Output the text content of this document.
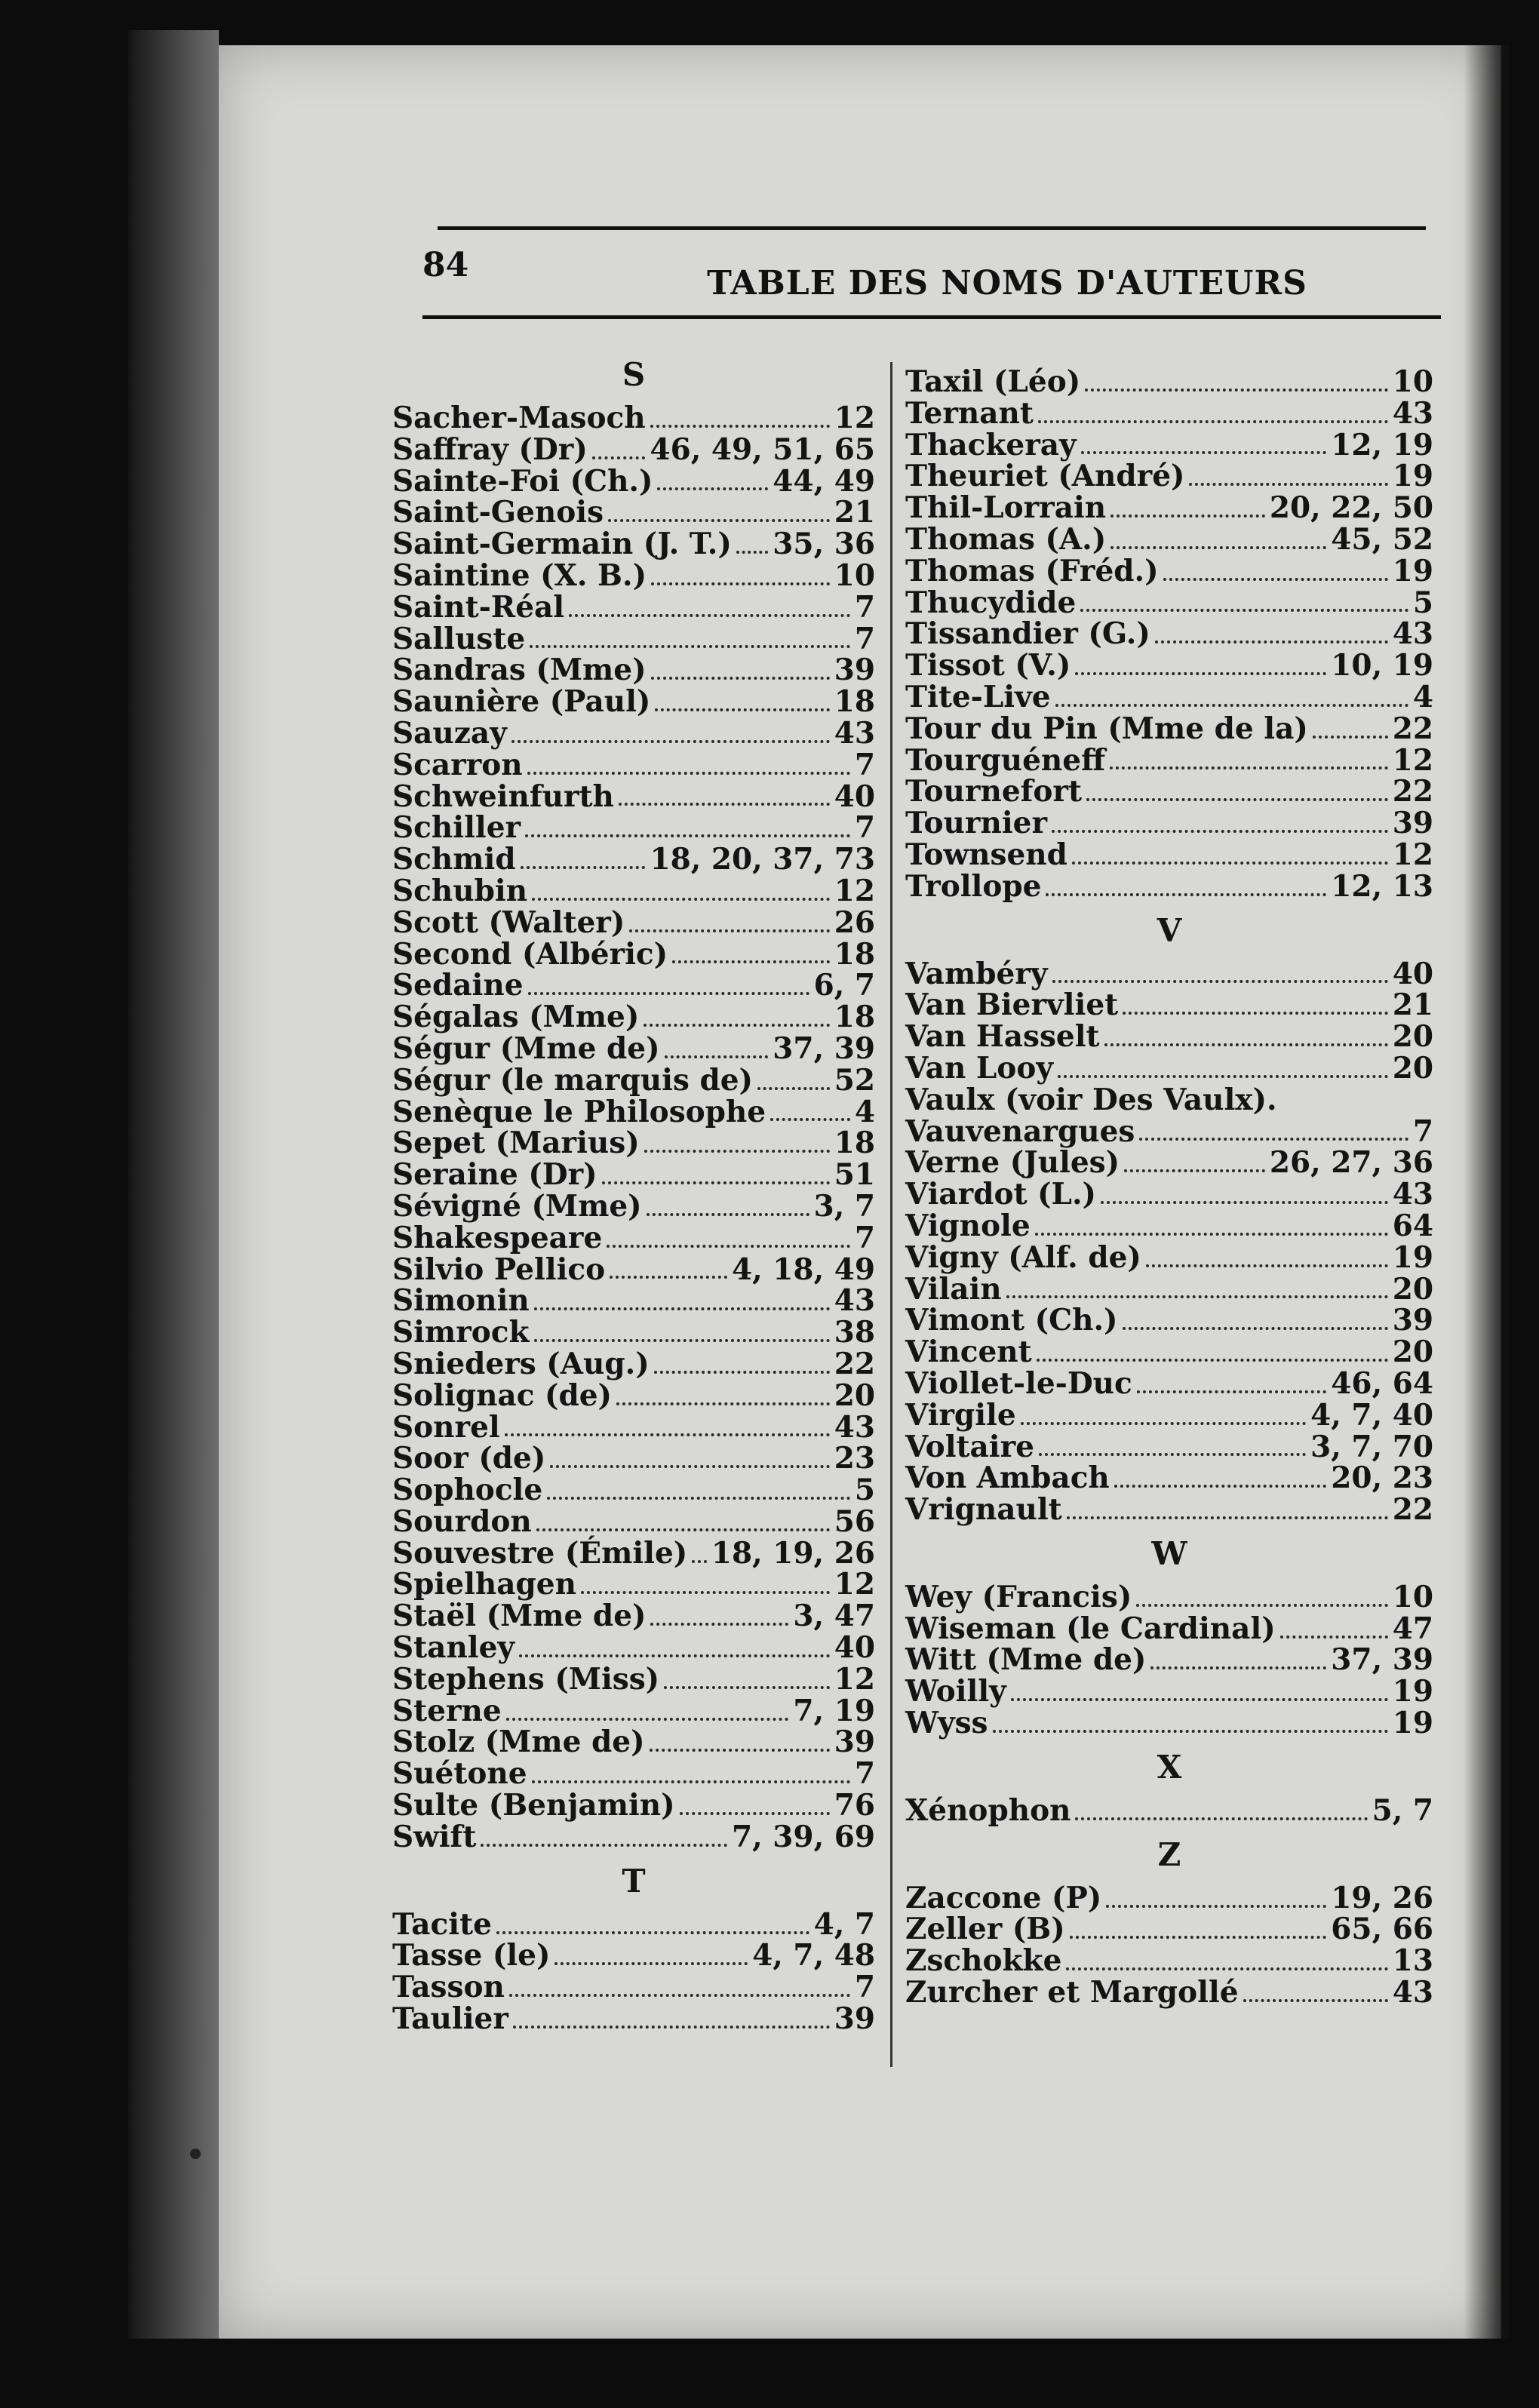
84	TABLE DES NOMS D'AUTEURS
S
Sacher-Masoch	12
Saffray (Dr) 46, 49, 51, 65
Sainte-Foi (Ch.)	44, 49
Saint-Genois	21
Saint-Germain (J. T.) 35, 36
Saintine (X. B.)	10
Saint-Réal	7
Salluste	7
Sandras (Mme)	39
Saunière (Paul)	18
Sauzay	43
Scarron	7
Schweinfurth	40
Schiller	7
Schmid	18, 20, 37, 73
Schubin	12
Scott (Walter)	26
Second (Albéric)	18
Sedaine	6, 7
Ségalas (Mme)	18
Ségur (Mme de)	37, 39
Ségur (le marquis de)	52
Senèque le Philosophe	4
Sepet (Marius)	18
Seraine (Dr)	51
Sévigné (Mme)	3, 7
Shakespeare	7
Silvio Pellico	4, 18, 49
Simonin	43
Simrock	38
Snieders (Aug.)	22
Solignac (de)	20
Sonrel	43
Soor (de)	23
Sophocle	5
Sourdon	56
Souvestre (Émile) 18, 19, 26
Spielhagen	12
Staël (Mme de)	3, 47
Stanley	40
Stephens (Miss)	12
Sterne	7, 19
Stolz (Mme de)	39
Suétone	7
Sulte (Benjamin)	76
Swift	7, 39, 69
T
Tacite	4, 7
Tasse (le)	4, 7, 48
Tasson	7
Taulier	39
Taxil (Léo)	10
Ternant	43
Thackeray	12, 19
Theuriet (André)	19
Thil-Lorrain	20, 22, 50
Thomas (A.)	45, 52
Thomas (Fréd.)	19
Thucydide	5
Tissandier (G.)	43
Tissot (V.)	10, 19
Tite-Live	4
Tour du Pin (Mme de la)	22
Tourguéneff	12
Tournefort	22
Tournier	39
Townsend	12
Trollope	12, 13
V
Vambéry	40
Van Biervliet	21
Van Hasselt	20
Van Looy	20
Vaulx (voir Des Vaulx).
Vauvenargues	7
Verne (Jules)	26, 27, 36
Viardot (L.)	43
Vignole	64
Vigny (Alf. de)	19
Vilain	20
Vimont (Ch.)	39
Vincent	20
Viollet-le-Duc	46, 64
Virgile	4, 7, 40
Voltaire	3, 7, 70
Von Ambach	20, 23
Vrignault	22
W
Wey (Francis)	10
Wiseman (le Cardinal)	47
Witt (Mme de)	37, 39
Woilly	19
Wyss	19
X
Xénophon	5, 7
Z
Zaccone (P)	19, 26
Zeller (B)	65, 66
Zschokke	13
Zurcher et Margollé	43
